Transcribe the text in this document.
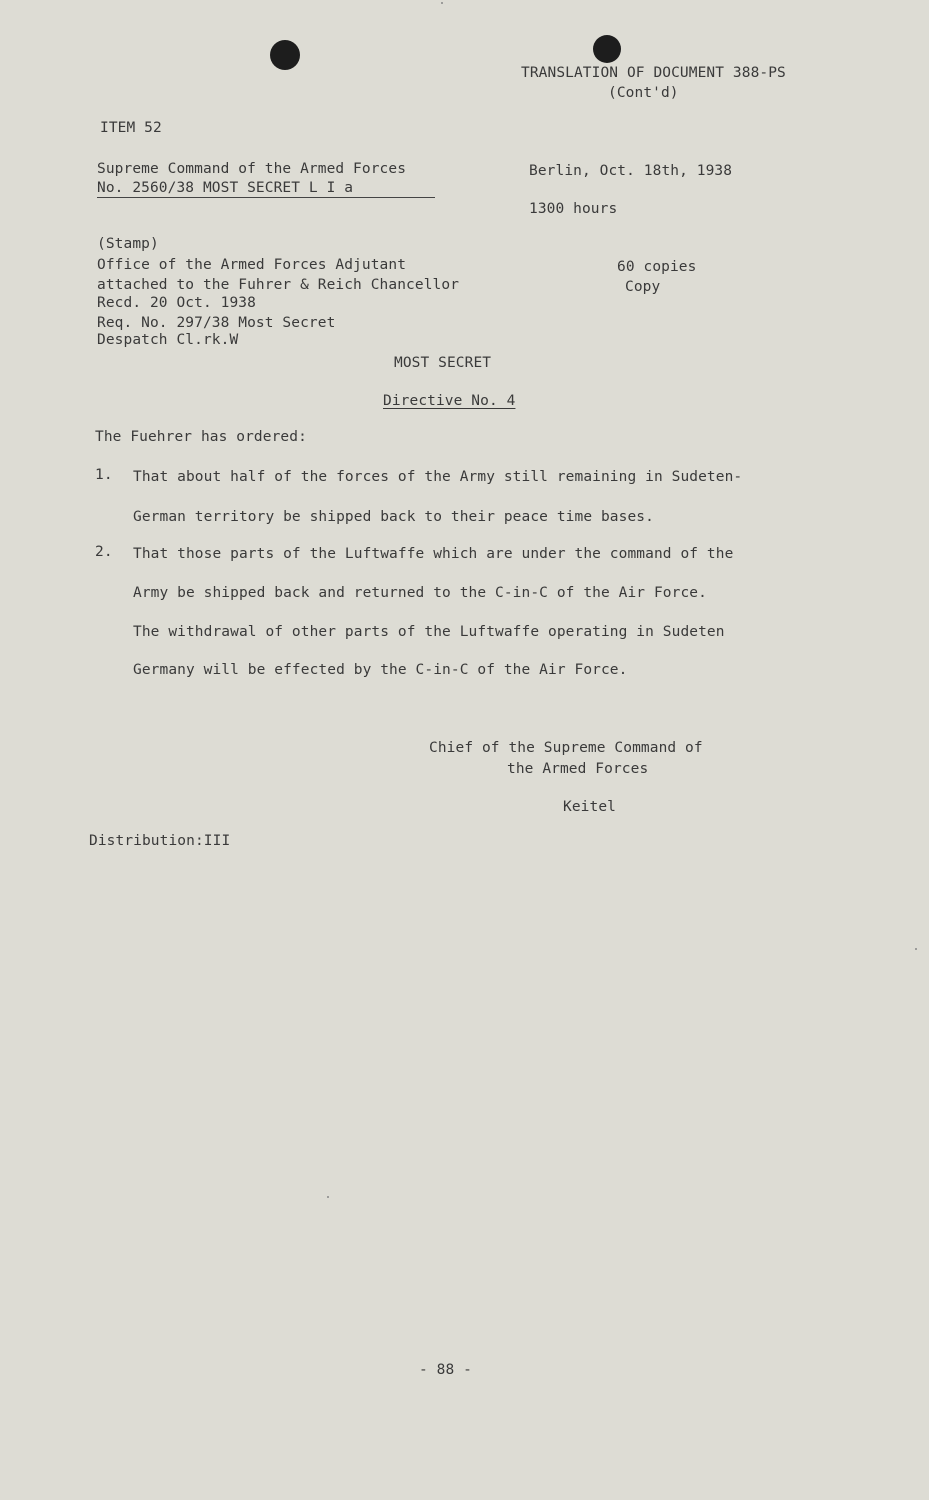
TRANSLATION OF DOCUMENT 388-PS
(Cont'd)
ITEM 52
Supreme Command of the Armed Forces
No. 2560/38 MOST SECRET L I a
Berlin, Oct. 18th, 1938
1300 hours
(Stamp)
Office of the Armed Forces Adjutant
attached to the Fuhrer & Reich Chancellor
Recd. 20 Oct. 1938
Req. No. 297/38 Most Secret
Despatch Cl.rk.W
60 copies
Copy
MOST SECRET
Directive No. 4
The Fuehrer has ordered:
1. That about half of the forces of the Army still remaining in Sudeten-
German territory be shipped back to their peace time bases.
2. That those parts of the Luftwaffe which are under the command of the
Army be shipped back and returned to the C-in-C of the Air Force.
The withdrawal of other parts of the Luftwaffe operating in Sudeten
Germany will be effected by the C-in-C of the Air Force.
Chief of the Supreme Command of
the Armed Forces
Keitel
Distribution:III
- 88 -
